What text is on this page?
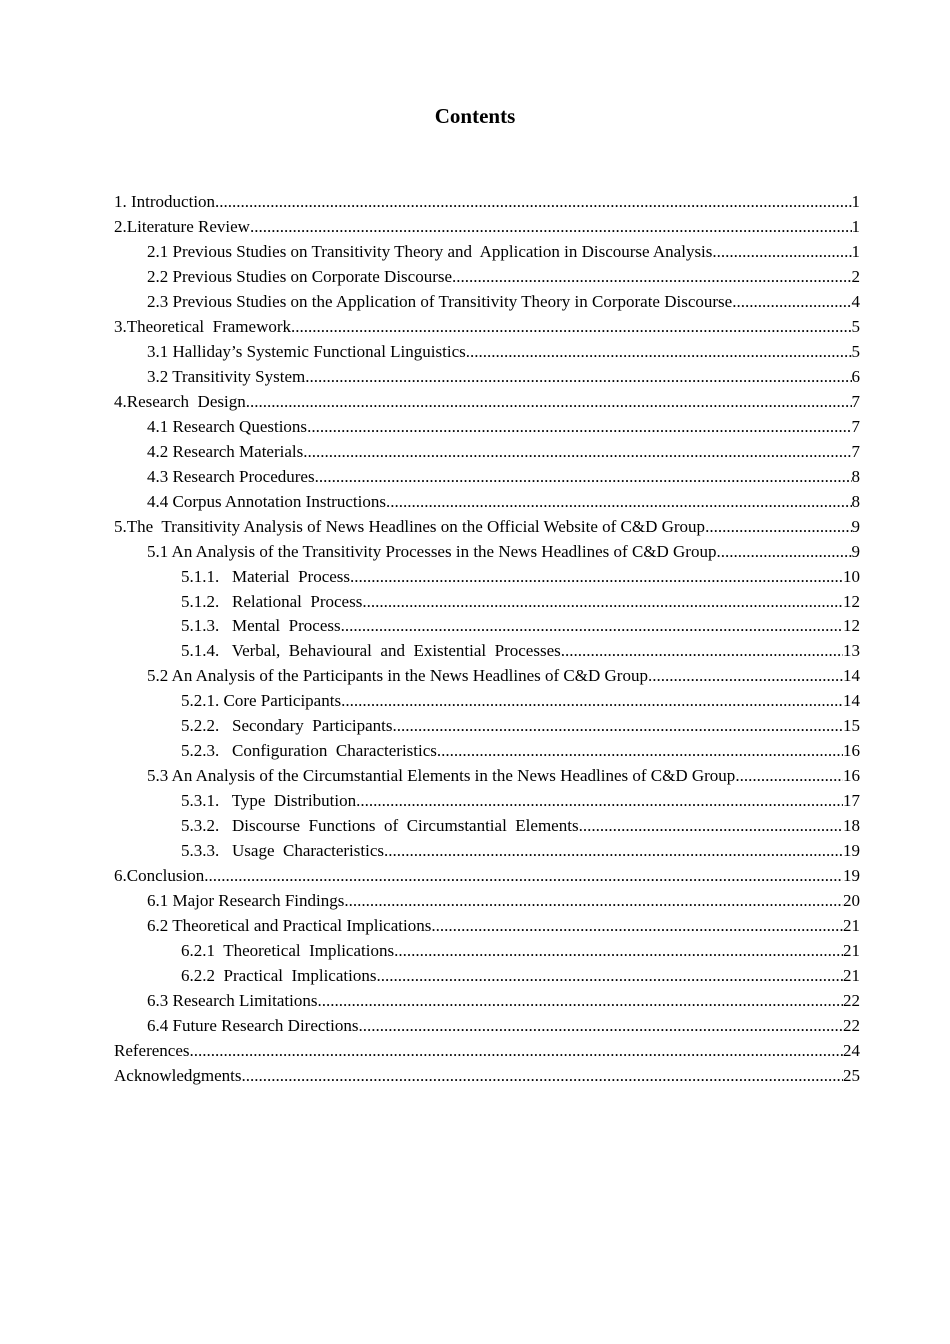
Contents
1. Introduction .....	1
2.Literature Review .....	1
2.1 Previous Studies on Transitivity Theory and  Application in Discourse Analysis .....	1
2.2 Previous Studies on Corporate Discourse .....	2
2.3 Previous Studies on the Application of Transitivity Theory in Corporate Discourse .....	4
3.Theoretical  Framework .....	5
3.1 Halliday’s Systemic Functional Linguistics .....	5
3.2 Transitivity System .....	6
4.Research  Design .....	7
4.1 Research Questions .....	7
4.2 Research Materials .....	7
4.3 Research Procedures .....	8
4.4 Corpus Annotation Instructions .....	8
5.The  Transitivity Analysis of News Headlines on the Official Website of C&D Group .....	9
5.1 An Analysis of the Transitivity Processes in the News Headlines of C&D Group .....	9
5.1.1.   Material  Process .....	10
5.1.2.   Relational  Process .....	12
5.1.3.   Mental  Process .....	12
5.1.4.   Verbal,  Behavioural  and  Existential  Processes .....	13
5.2 An Analysis of the Participants in the News Headlines of C&D Group .....	14
5.2.1. Core Participants .....	14
5.2.2.   Secondary  Participants .....	15
5.2.3.   Configuration  Characteristics .....	16
5.3 An Analysis of the Circumstantial Elements in the News Headlines of C&D Group .....	16
5.3.1.   Type  Distribution .....	17
5.3.2.   Discourse  Functions  of  Circumstantial  Elements .....	18
5.3.3.   Usage  Characteristics .....	19
6.Conclusion .....	19
6.1 Major Research Findings .....	20
6.2 Theoretical and Practical Implications .....	21
6.2.1  Theoretical  Implications .....	21
6.2.2  Practical  Implications .....	21
6.3 Research Limitations .....	22
6.4 Future Research Directions .....	22
References .....	24
Acknowledgments .....	25
